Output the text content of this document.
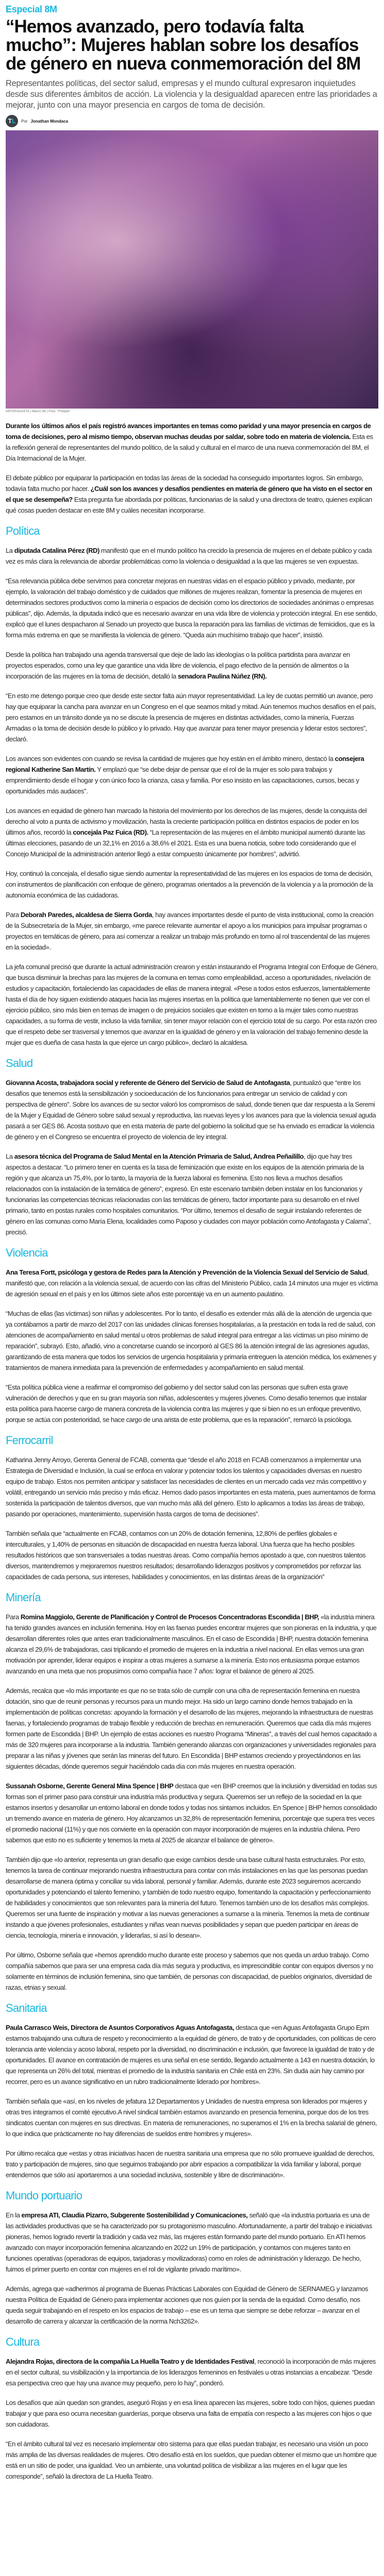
Especial 8M
“Hemos avanzado, pero todavía falta mucho”: Mujeres hablan sobre los desafíos de género en nueva conmemoración del 8M
Representantes políticas, del sector salud, empresas y el mundo cultural expresaron inquietudes desde sus diferentes ámbitos de acción. La violencia y la desigualdad aparecen entre las prioridades a mejorar, junto con una mayor presencia en cargos de toma de decisión.
TL Por Jonathan Mondaca
ANTOFAGASTA | Marzo 08 | Foto: "Freepik"

Durante los últimos años el país registró avances importantes en temas como paridad y una mayor presencia en cargos de toma de decisiones, pero al mismo tiempo, observan muchas deudas por saldar, sobre todo en materia de violencia. Esta es la reflexión general de representantes del mundo político, de la salud y cultural en el marco de una nueva conmemoración del 8M, el Día Internacional de la Mujer.

El debate público por equiparar la participación en todas las áreas de la sociedad ha conseguido importantes logros. Sin embargo, todavía falta mucho por hacer. ¿Cuál son los avances y desafíos pendientes en materia de género que ha visto en el sector en el que se desempeña? Esta pregunta fue abordada por políticas, funcionarias de la salud y una directora de teatro, quienes explican qué cosas pueden destacar en este 8M y cuáles necesitan incorporarse.

Política

La diputada Catalina Pérez (RD) manifestó que en el mundo político ha crecido la presencia de mujeres en el debate público y cada vez es más clara la relevancia de abordar problemáticas como la violencia o desigualdad a la que las mujeres se ven expuestas.

“Esa relevancia pública debe servirnos para concretar mejoras en nuestras vidas en el espacio público y privado, mediante, por ejemplo, la valoración del trabajo doméstico y de cuidados que millones de mujeres realizan, fomentar la presencia de mujeres en determinados sectores productivos como la minería o espacios de decisión como los directorios de sociedades anónimas o empresas públicas”, dijo. Además, la diputada indicó que es necesario avanzar en una vida libre de violencia y protección integral. En ese sentido, explicó que el lunes despacharon al Senado un proyecto que busca la reparación para las familias de víctimas de femicidios, que es la forma más extrema en que se manifiesta la violencia de género. “Queda aún muchísimo trabajo que hacer”, insistió.

Desde la política han trabajado una agenda transversal que deje de lado las ideologías o la política partidista para avanzar en proyectos esperados, como una ley que garantice una vida libre de violencia, el pago efectivo de la pensión de alimentos o la incorporación de las mujeres en la toma de decisión, detalló la senadora Paulina Núñez (RN).

“En esto me detengo porque creo que desde este sector falta aún mayor representatividad. La ley de cuotas permitió un avance, pero hay que equiparar la cancha para avanzar en un Congreso en el que seamos mitad y mitad. Aún tenemos muchos desafíos en el país, pero estamos en un tránsito donde ya no se discute la presencia de mujeres en distintas actividades, como la minería, Fuerzas Armadas o la toma de decisión desde lo público y lo privado. Hay que avanzar para tener mayor presencia y liderar estos sectores”, declaró.

Los avances son evidentes con cuando se revisa la cantidad de mujeres que hoy están en el ámbito minero, destacó la consejera regional Katherine San Martín. Y emplazó que “se debe dejar de pensar que el rol de la mujer es solo para trabajos y emprendimiento desde el hogar y con único foco la crianza, casa y familia. Por eso insisto en las capacitaciones, cursos, becas y oportunidades más audaces”.

Los avances en equidad de género han marcado la historia del movimiento por los derechos de las mujeres, desde la conquista del derecho al voto a punta de activismo y movilización, hasta la creciente participación política en distintos espacios de poder en los últimos años, recordó la concejala Paz Fuica (RD). “La representación de las mujeres en el ámbito municipal aumentó durante las últimas elecciones, pasando de un 32,1% en 2016 a 38,6% el 2021. Esta es una buena noticia, sobre todo considerando que el Concejo Municipal de la administración anterior llegó a estar compuesto únicamente por hombres”, advirtió.

Hoy, continuó la concejala, el desafío sigue siendo aumentar la representatividad de las mujeres en los espacios de toma de decisión, con instrumentos de planificación con enfoque de género, programas orientados a la prevención de la violencia y a la promoción de la autonomía económica de las cuidadoras.

Para Deborah Paredes, alcaldesa de Sierra Gorda, hay avances importantes desde el punto de vista institucional, como la creación de la Subsecretaría de la Mujer, sin embargo, «me parece relevante aumentar el apoyo a los municipios para impulsar programas o proyectos en temáticas de género, para así comenzar a realizar un trabajo más profundo en torno al rol trascendental de las mujeres en la sociedad».

La jefa comunal precisó que durante la actual administración crearon y están instaurando el Programa Integral con Enfoque de Género, que busca disminuir la brechas para las mujeres de la comuna en temas como empleabilidad, acceso a oportunidades, nivelación de estudios y capacitación, fortaleciendo las capacidades de ellas de manera integral. «Pese a todos estos esfuerzos, lamentablemente hasta el día de hoy siguen existiendo ataques hacia las mujeres insertas en la política que lamentablemente no tienen que ver con el ejercicio público, sino más bien en temas de imagen o de prejuicios sociales que existen en torno a la mujer tales como nuestras capacidades, a su forma de vestir, incluso la vida familiar, sin tener mayor relación con el ejercicio total de su cargo. Por esta razón creo que el respeto debe ser trasversal y tenemos que avanzar en la igualdad de género y en la valoración del trabajo femenino desde la mujer que es dueña de casa hasta la que ejerce un cargo público», declaró la alcaldesa.

Salud

Giovanna Acosta, trabajadora social y referente de Género del Servicio de Salud de Antofagasta, puntualizó que “entre los desafíos que tenemos está la sensibilización y socioeducación de los funcionarios para entregar un servicio de calidad y con perspectiva de género”. Sobre los avances de su sector valoró los compromisos de salud, donde tienen que dar respuesta a la Seremi de la Mujer y Equidad de Género sobre salud sexual y reproductiva, las nuevas leyes y los avances para que la violencia sexual aguda pasará a ser GES 86. Acosta sostuvo que en esta materia de parte del gobierno la solicitud que se ha enviado es erradicar la violencia de género y en el Congreso se encuentra el proyecto de violencia de ley integral.

La asesora técnica del Programa de Salud Mental en la Atención Primaria de Salud, Andrea Peñailillo, dijo que hay tres aspectos a destacar. “Lo primero tener en cuenta es la tasa de feminización que existe en los equipos de la atención primaria de la región y que alcanza un 75,4%, por lo tanto, la mayoría de la fuerza laboral es femenina. Esto nos lleva a muchos desafíos relacionados con la instalación de la temática de género”, expresó. En este escenario también deben instalar en los funcionarios y funcionarias las competencias técnicas relacionadas con las temáticas de género, factor importante para su desarrollo en el nivel primario, tanto en postas rurales como hospitales comunitarios. “Por último, tenemos el desafío de seguir instalando referentes de género en las comunas como María Elena, localidades como Paposo y ciudades con mayor población como Antofagasta y Calama”, precisó.

Violencia

Ana Teresa Fortt, psicóloga y gestora de Redes para la Atención y Prevención de la Violencia Sexual del Servicio de Salud, manifestó que, con relación a la violencia sexual, de acuerdo con las cifras del Ministerio Público, cada 14 minutos una mujer es víctima de agresión sexual en el país y en los últimos siete años este porcentaje va en un aumento paulatino.

“Muchas de ellas (las víctimas) son niñas y adolescentes. Por lo tanto, el desafío es extender más allá de la atención de urgencia que ya contábamos a partir de marzo del 2017 con las unidades clínicas forenses hospitalarias, a la prestación en toda la red de salud, con atenciones de acompañamiento en salud mental u otros problemas de salud integral para entregar a las víctimas un piso mínimo de reparación”, subrayó. Esto, añadió, vino a concretarse cuando se incorporó al GES 86 la atención integral de las agresiones agudas, garantizando de esta manera que todos los servicios de urgencia hospitalaria y primaria entreguen la atención médica, los exámenes y tratamientos de manera inmediata para la prevención de enfermedades y acompañamiento en salud mental.

“Esta política pública viene a reafirmar el compromiso del gobierno y del sector salud con las personas que sufren esta grave vulneración de derechos y que en su gran mayoría son niñas, adolescentes y mujeres jóvenes. Como desafío tenemos que instalar esta política para hacerse cargo de manera concreta de la violencia contra las mujeres y que si bien no es un enfoque preventivo, porque se actúa con posterioridad, se hace cargo de una arista de este problema, que es la reparación”, remarcó la psicóloga.

Ferrocarril

Katharina Jenny Arroyo, Gerenta General de FCAB, comenta que “desde el año 2018 en FCAB comenzamos a implementar una Estrategia de Diversidad e Inclusión, la cual se enfoca en valorar y potenciar todos los talentos y capacidades diversas en nuestro equipo de trabajo. Estos nos permiten anticipar y satisfacer las necesidades de clientes en un mercado cada vez más competitivo y volátil, entregando un servicio más preciso y más eficaz. Hemos dado pasos importantes en esta materia, pues aumentamos de forma sostenida la participación de talentos diversos, que van mucho más allá del género. Esto lo aplicamos a todas las áreas de trabajo, pasando por operaciones, mantenimiento, supervisión hasta cargos de toma de decisiones”.

También señala que “actualmente en FCAB, contamos con un 20% de dotación femenina, 12,80% de perfiles globales e interculturales, y 1,40% de personas en situación de discapacidad en nuestra fuerza laboral. Una fuerza que ha hecho posibles resultados históricos que son transversales a todas nuestras áreas. Como compañía hemos apostado a que, con nuestros talentos diversos, mantendremos y mejoraremos nuestros resultados; desarrollando liderazgos positivos y comprometidos por reforzar las capacidades de cada persona, sus intereses, habilidades y conocimientos, en las distintas áreas de la organización”

Minería

Para Romina Maggiolo, Gerente de Planificación y Control de Procesos Concentradoras Escondida | BHP, «la industria minera ha tenido grandes avances en inclusión femenina. Hoy en las faenas puedes encontrar mujeres que son pioneras en la industria, y que desarrollan diferentes roles que antes eran tradicionalmente masculinos. En el caso de Escondida | BHP, nuestra dotación femenina alcanza el 29,6% de trabajadoras, casi triplicando el promedio de mujeres en la industria a nivel nacional. En ellas vemos una gran motivación por aprender, liderar equipos e inspirar a otras mujeres a sumarse a la minería. Esto nos entusiasma porque estamos avanzando en una meta que nos propusimos como compañía hace 7 años: lograr el balance de género al 2025.

Además, recalca que «lo más importante es que no se trata sólo de cumplir con una cifra de representación femenina en nuestra dotación, sino que de reunir personas y recursos para un mundo mejor. Ha sido un largo camino donde hemos trabajado en la implementación de políticas concretas: apoyando la formación y el desarrollo de las mujeres, mejorando la infraestructura de nuestras faenas, y fortaleciendo programas de trabajo flexible y reducción de brechas en remuneración. Queremos que cada día más mujeres formen parte de Escondida | BHP. Un ejemplo de estas acciones es nuestro Programa “Mineras”, a través del cual hemos capacitado a más de 320 mujeres para incorporarse a la industria. También generando alianzas con organizaciones y universidades regionales para preparar a las niñas y jóvenes que serán las mineras del futuro. En Escondida | BHP estamos creciendo y proyectándonos en las siguientes décadas, dónde queremos seguir haciéndolo cada día con más mujeres en nuestra operación.

Sussanah Osborne, Gerente General Mina Spence | BHP destaca que «en BHP creemos que la inclusión y diversidad en todas sus formas son el primer paso para construir una industria más productiva y segura. Queremos ser un reflejo de la sociedad en la que estamos insertos y desarrollar un entorno laboral en donde todos y todas nos sintamos incluidos. En Spence | BHP hemos consolidado un tremendo avance en materia de género. Hoy alcanzamos un 32,8% de representación femenina, porcentaje que supera tres veces el promedio nacional (11%) y que nos convierte en la operación con mayor incorporación de mujeres en la industria chilena. Pero sabemos que esto no es suficiente y tenemos la meta al 2025 de alcanzar el balance de género».

También dijo que «lo anterior, representa un gran desafío que exige cambios desde una base cultural hasta estructurales. Por esto, tenemos la tarea de continuar mejorando nuestra infraestructura para contar con más instalaciones en las que las personas puedan desarrollarse de manera óptima y conciliar su vida laboral, personal y familiar. Además, durante este 2023 seguiremos acercando oportunidades y potenciando el talento femenino, y también de todo nuestro equipo, fomentando la capacitación y perfeccionamiento de habilidades y conocimientos que son relevantes para la minería del futuro. Tenemos también uno de los desafíos más complejos. Queremos ser una fuente de inspiración y motivar a las nuevas generaciones a sumarse a la minería. Tenemos la meta de continuar instando a que jóvenes profesionales, estudiantes y niñas vean nuevas posibilidades y sepan que pueden participar en áreas de ciencia, tecnología, minería e innovación, y liderarlas, si así lo desean».

Por último, Osborne señala que «hemos aprendido mucho durante este proceso y sabemos que nos queda un arduo trabajo. Como compañía sabemos que para ser una empresa cada día más segura y productiva, es imprescindible contar con equipos diversos y no solamente en términos de inclusión femenina, sino que también, de personas con discapacidad, de pueblos originarios, diversidad de razas, etnias y sexual.

Sanitaria

Paula Carrasco Weis, Directora de Asuntos Corporativos Aguas Antofagasta, destaca que «en Aguas Antofagasta Grupo Epm estamos trabajando una cultura de respeto y reconocimiento a la equidad de género, de trato y de oportunidades, con políticas de cero tolerancia ante violencia y acoso laboral, respeto por la diversidad, no discriminación e inclusión, que favorece la igualdad de trato y de oportunidades. El avance en contratación de mujeres es una señal en ese sentido, llegando actualmente a 143 en nuestra dotación, lo que representa un 26% del total, mientras el promedio de la industria sanitaria en Chile está en 23%. Sin duda aún hay camino por recorrer, pero es un avance significativo en un rubro tradicionalmente liderado por hombres».

También señala que «así, en los niveles de jefatura 12 Departamentos y Unidades de nuestra empresa son liderados por mujeres y otras tres integramos el comité ejecutivo.A nivel sindical también estamos avanzando en presencia femenina, porque dos de los tres sindicatos cuentan con mujeres en sus directivas. En materia de remuneraciones, no superamos el 1% en la brecha salarial de género, lo que indica que prácticamente no hay diferencias de sueldos entre hombres y mujeres».

Por último recalca que «estas y otras iniciativas hacen de nuestra sanitaria una empresa que no sólo promueve igualdad de derechos, trato y participación de mujeres, sino que seguimos trabajando por abrir espacios a compatibilizar la vida familiar y laboral, porque entendemos que sólo así aportaremos a una sociedad inclusiva, sostenible y libre de discriminación».

Mundo portuario

En la empresa ATI, Claudia Pizarro, Subgerente Sostenibilidad y Comunicaciones, señaló que «la industria portuaria es una de las actividades productivas que se ha caracterizado por su protagonismo masculino. Afortunadamente, a partir del trabajo e iniciativas pioneras, hemos logrado revertir la tradición y cada vez más, las mujeres están formando parte del mundo portuario. En ATI hemos avanzado con mayor incorporación femenina alcanzando en 2022 un 19% de participación, y contamos con mujeres tanto en funciones operativas (operadoras de equipos, tarjadoras y movilizadoras) como en roles de administración y liderazgo. De hecho, fuimos el primer puerto en contar con mujeres en el rol de vigilante privado marítimo».

Además, agrega que «adherimos al programa de Buenas Prácticas Laborales con Equidad de Género de SERNAMEG y lanzamos nuestra Política de Equidad de Género para implementar acciones que nos guíen por la senda de la equidad. Como desafío, nos queda seguir trabajando en el respeto en los espacios de trabajo – ese es un tema que siempre se debe reforzar – avanzar en el desarrollo de carrera y alcanzar la certificación de la norma Nch3262».

Cultura

Alejandra Rojas, directora de la compañía La Huella Teatro y de Identidades Festival, reconoció la incorporación de más mujeres en el sector cultural, su visibilización y la importancia de los liderazgos femeninos en festivales u otras instancias a encabezar. “Desde esa perspectiva creo que hay una avance muy pequeño, pero lo hay”, ponderó.

Los desafíos que aún quedan son grandes, aseguró Rojas y en esa línea aparecen las mujeres, sobre todo con hijos, quienes puedan trabajar y que para eso ocurra necesitan guarderías, porque observa una falta de empatía con respecto a las mujeres con hijos o que son cuidadoras.

“En el ámbito cultural tal vez es necesario implementar otro sistema para que ellas puedan trabajar, es necesario una visión un poco más amplia de las diversas realidades de mujeres. Otro desafío está en los sueldos, que puedan obtener el mismo que un hombre que está en un sitio de poder, una igualdad. Veo un ambiente, una voluntad política de visibilizar a las mujeres en el lugar que les corresponde”, señaló la directora de La Huella Teatro.
